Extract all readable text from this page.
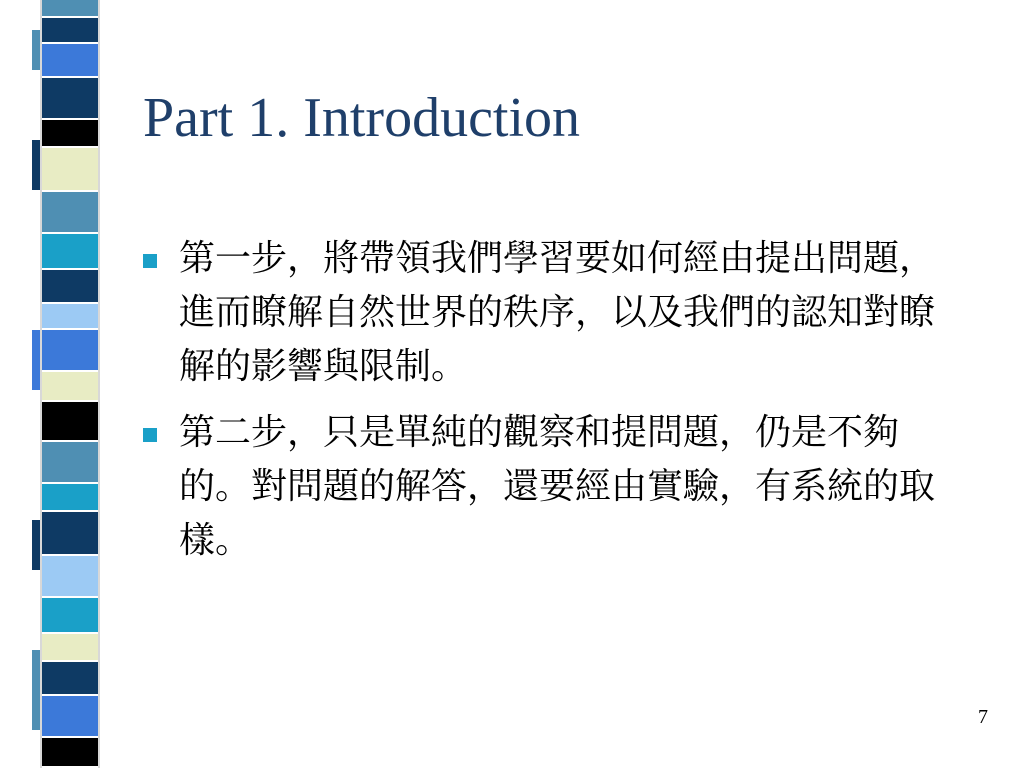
Part 1. Introduction
第一步，將帶領我們學習要如何經由提出問題，進而瞭解自然世界的秩序，以及我們的認知對瞭解的影響與限制。
第二步，只是單純的觀察和提問題，仍是不夠的。對問題的解答，還要經由實驗，有系統的取樣。
7
